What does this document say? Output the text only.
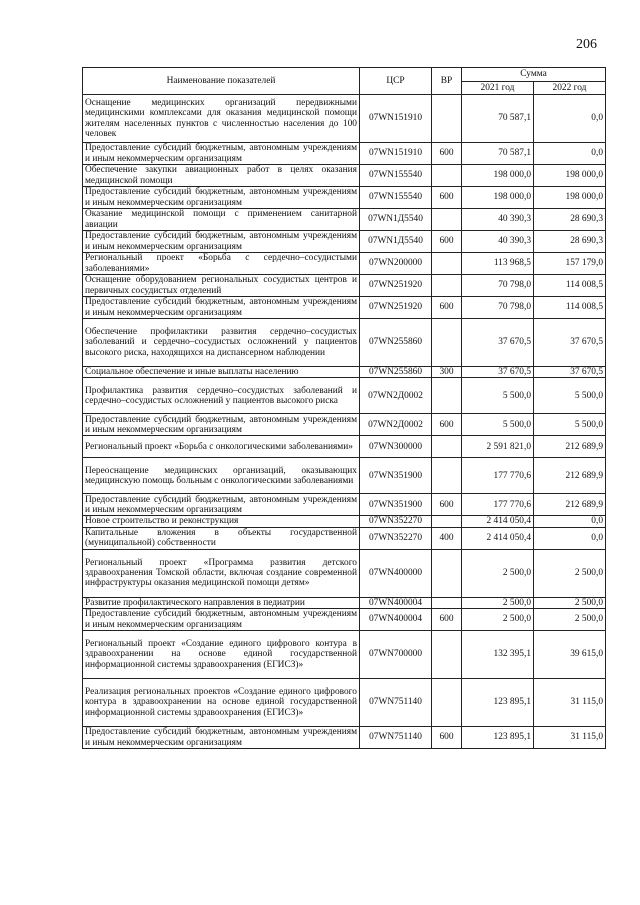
206
Наименование показателей	ЦСР	ВР	Сумма	
			2021 год	2022 год
Оснащение медицинских организаций передвижными медицинскими комплексами для оказания медицинской помощи жителям населенных пунктов с численностью населения до 100 человек	07WN151910		70 587,1	0,0
Предоставление субсидий бюджетным, автономным учреждениям и иным некоммерческим организациям	07WN151910	600	70 587,1	0,0
Обеспечение закупки авиационных работ в целях оказания медицинской помощи	07WN155540		198 000,0	198 000,0
Предоставление субсидий бюджетным, автономным учреждениям и иным некоммерческим организациям	07WN155540	600	198 000,0	198 000,0
Оказание медицинской помощи с применением санитарной авиации	07WN1Д5540		40 390,3	28 690,3
Предоставление субсидий бюджетным, автономным учреждениям и иным некоммерческим организациям	07WN1Д5540	600	40 390,3	28 690,3
Региональный проект «Борьба с сердечно–сосудистыми заболеваниями»	07WN200000		113 968,5	157 179,0
Оснащение оборудованием региональных сосудистых центров и первичных сосудистых отделений	07WN251920		70 798,0	114 008,5
Предоставление субсидий бюджетным, автономным учреждениям и иным некоммерческим организациям	07WN251920	600	70 798,0	114 008,5
Обеспечение профилактики развития сердечно–сосудистых заболеваний и сердечно–сосудистых осложнений у пациентов высокого риска, находящихся на диспансерном наблюдении	07WN255860		37 670,5	37 670,5
Социальное обеспечение и иные выплаты населению	07WN255860	300	37 670,5	37 670,5
Профилактика развития сердечно–сосудистых заболеваний и сердечно–сосудистых осложнений у пациентов высокого риска	07WN2Д0002		5 500,0	5 500,0
Предоставление субсидий бюджетным, автономным учреждениям и иным некоммерческим организациям	07WN2Д0002	600	5 500,0	5 500,0
Региональный проект «Борьба с онкологическими заболеваниями»	07WN300000		2 591 821,0	212 689,9
Переоснащение медицинских организаций, оказывающих медицинскую помощь больным с онкологическими заболеваниями	07WN351900		177 770,6	212 689,9
Предоставление субсидий бюджетным, автономным учреждениям и иным некоммерческим организациям	07WN351900	600	177 770,6	212 689,9
Новое строительство и реконструкция	07WN352270		2 414 050,4	0,0
Капитальные вложения в объекты государственной (муниципальной) собственности	07WN352270	400	2 414 050,4	0,0
Региональный проект «Программа развития детского здравоохранения Томской области, включая создание современной инфраструктуры оказания медицинской помощи детям»	07WN400000		2 500,0	2 500,0
Развитие профилактического направления в педиатрии	07WN400004		2 500,0	2 500,0
Предоставление субсидий бюджетным, автономным учреждениям и иным некоммерческим организациям	07WN400004	600	2 500,0	2 500,0
Региональный проект «Создание единого цифрового контура в здравоохранении на основе единой государственной информационной системы здравоохранения (ЕГИСЗ)»	07WN700000		132 395,1	39 615,0
Реализация региональных проектов «Создание единого цифрового контура в здравоохранении на основе единой государственной информационной системы здравоохранения (ЕГИСЗ)»	07WN751140		123 895,1	31 115,0
Предоставление субсидий бюджетным, автономным учреждениям и иным некоммерческим организациям	07WN751140	600	123 895,1	31 115,0
